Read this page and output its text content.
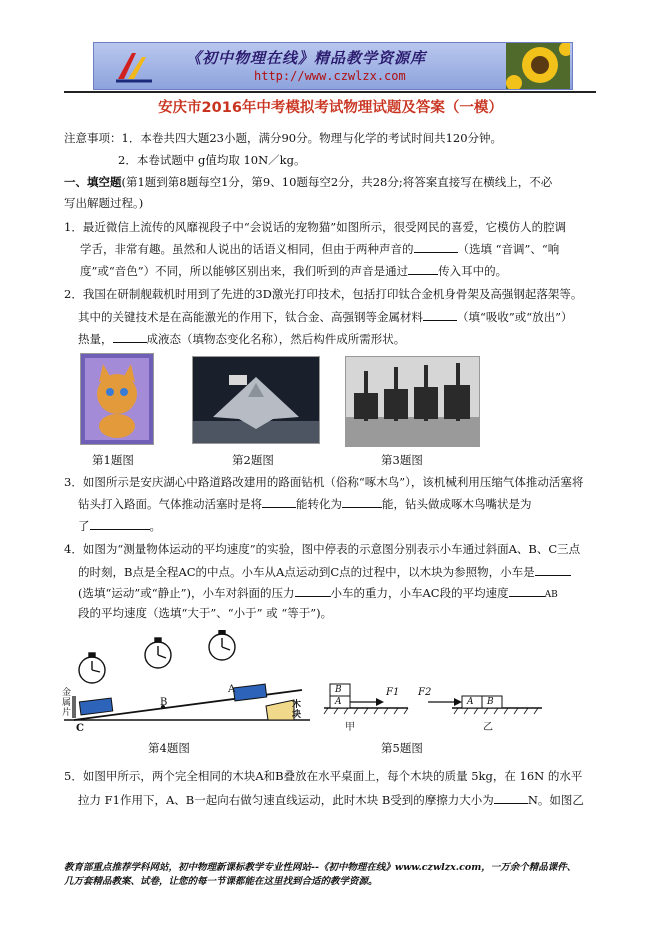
《初中物理在线》精品教学资源库
http://www.czwlzx.com
安庆市2016年中考模拟考试物理试题及答案（一模）
注意事项：1．本卷共四大题23小题，满分90分。物理与化学的考试时间共120分钟。
2．本卷试题中 g值均取 10N／kg。
一、填空题(第1题到第8题每空1分，第9、10题每空2分，共28分;将答案直接写在横线上，不必
写出解题过程。)
1．最近微信上流传的风靡视段子中“会说话的宠物猫”如图所示，很受网民的喜爱，它模仿人的腔调
学舌，非常有趣。虽然和人说出的话语义相同，但由于两种声音的	（选填 “音调”、“响
度”或“音色”）不同，所以能够区别出来，我们听到的声音是通过	传入耳中的。
2．我国在研制舰载机时用到了先进的3D激光打印技术，包括打印钛合金机身骨架及高强钢起落架等。
其中的关键技术是在高能激光的作用下，钛合金、高强钢等金属材料	（填“吸收”或“放出”）
热量，	成液态（填物态变化名称），然后构件成所需形状。
第1题图	第2题图	第3题图
3．如图所示是安庆湖心中路道路改建用的路面钻机（俗称“啄木鸟”），该机械利用压缩气体推动活塞将
钻头打入路面。气体推动活塞时是将	能转化为	能，钻头做成啄木鸟嘴状是为
了	。
4．如图为“测量物体运动的平均速度”的实验，图中停表的示意图分别表示小车通过斜面A、B、C三点
的时刻，B点是全程AC的中点。小车从A点运动到C点的过程中，以木块为参照物，小车是
(选填“运动”或“静止”)，小车对斜面的压力	小车的重力，小车AC段的平均速度	AB
段的平均速度（选填“大于”、“小于” 或 “等于”)。
金属片
B
A
C
木块
第4题图
B
A
F1 F2
A B
甲	乙
第5题图
5．如图甲所示，两个完全相同的木块A和B叠放在水平桌面上，每个木块的质量 5kg，在 16N 的水平
拉力 F1作用下，A、B一起向右做匀速直线运动，此时木块 B受到的摩擦力大小为	N。如图乙
教育部重点推荐学科网站，初中物理新课标教学专业性网站--《初中物理在线》www.czwlzx.com，一万余个精品课件、
几万套精品教案、试卷，让您的每一节课都能在这里找到合适的教学资源。
